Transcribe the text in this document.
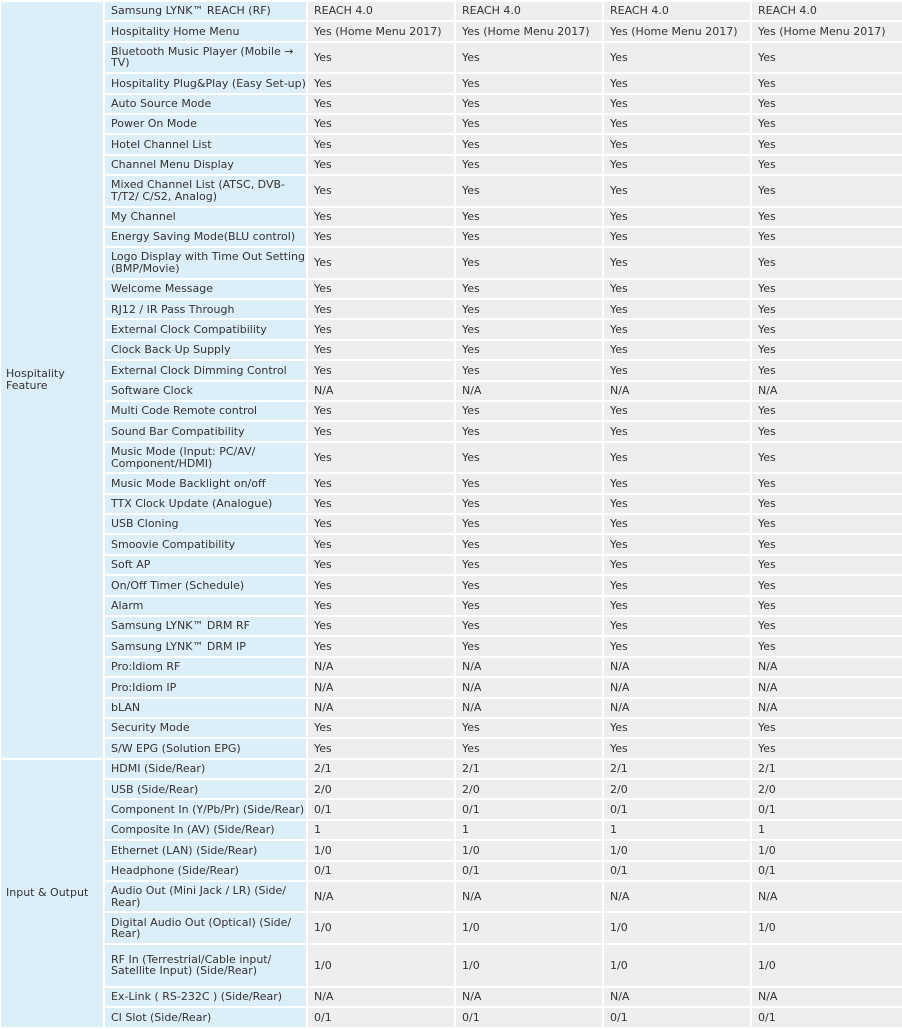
Hospitality
Feature	Samsung LYNK™ REACH (RF)	REACH 4.0	REACH 4.0	REACH 4.0	REACH 4.0
	Hospitality Home Menu	Yes (Home Menu 2017)	Yes (Home Menu 2017)	Yes (Home Menu 2017)	Yes (Home Menu 2017)
	Bluetooth Music Player (Mobile → TV)	Yes	Yes	Yes	Yes
	Hospitality Plug&Play (Easy Set-up)	Yes	Yes	Yes	Yes
	Auto Source Mode	Yes	Yes	Yes	Yes
	Power On Mode	Yes	Yes	Yes	Yes
	Hotel Channel List	Yes	Yes	Yes	Yes
	Channel Menu Display	Yes	Yes	Yes	Yes
	Mixed Channel List (ATSC, DVB-T/T2/ C/S2, Analog)	Yes	Yes	Yes	Yes
	My Channel	Yes	Yes	Yes	Yes
	Energy Saving Mode(BLU control)	Yes	Yes	Yes	Yes
	Logo Display with Time Out Setting (BMP/Movie)	Yes	Yes	Yes	Yes
	Welcome Message	Yes	Yes	Yes	Yes
	RJ12 / IR Pass Through	Yes	Yes	Yes	Yes
	External Clock Compatibility	Yes	Yes	Yes	Yes
	Clock Back Up Supply	Yes	Yes	Yes	Yes
	External Clock Dimming Control	Yes	Yes	Yes	Yes
	Software Clock	N/A	N/A	N/A	N/A
	Multi Code Remote control	Yes	Yes	Yes	Yes
	Sound Bar Compatibility	Yes	Yes	Yes	Yes
	Music Mode (Input: PC/AV/ Component/HDMI)	Yes	Yes	Yes	Yes
	Music Mode Backlight on/off	Yes	Yes	Yes	Yes
	TTX Clock Update (Analogue)	Yes	Yes	Yes	Yes
	USB Cloning	Yes	Yes	Yes	Yes
	Smoovie Compatibility	Yes	Yes	Yes	Yes
	Soft AP	Yes	Yes	Yes	Yes
	On/Off Timer (Schedule)	Yes	Yes	Yes	Yes
	Alarm	Yes	Yes	Yes	Yes
	Samsung LYNK™ DRM RF	Yes	Yes	Yes	Yes
	Samsung LYNK™ DRM IP	Yes	Yes	Yes	Yes
	Pro:Idiom RF	N/A	N/A	N/A	N/A
	Pro:Idiom IP	N/A	N/A	N/A	N/A
	bLAN	N/A	N/A	N/A	N/A
	Security Mode	Yes	Yes	Yes	Yes
	S/W EPG (Solution EPG)	Yes	Yes	Yes	Yes
Input & Output	HDMI (Side/Rear)	2/1	2/1	2/1	2/1
	USB (Side/Rear)	2/0	2/0	2/0	2/0
	Component In (Y/Pb/Pr) (Side/Rear)	0/1	0/1	0/1	0/1
	Composite In (AV) (Side/Rear)	1	1	1	1
	Ethernet (LAN) (Side/Rear)	1/0	1/0	1/0	1/0
	Headphone (Side/Rear)	0/1	0/1	0/1	0/1
	Audio Out (Mini Jack / LR) (Side/ Rear)	N/A	N/A	N/A	N/A
	Digital Audio Out (Optical) (Side/ Rear)	1/0	1/0	1/0	1/0
	RF In (Terrestrial/Cable input/ Satellite Input) (Side/Rear)	1/0	1/0	1/0	1/0
	Ex-Link ( RS-232C ) (Side/Rear)	N/A	N/A	N/A	N/A
	CI Slot (Side/Rear)	0/1	0/1	0/1	0/1
